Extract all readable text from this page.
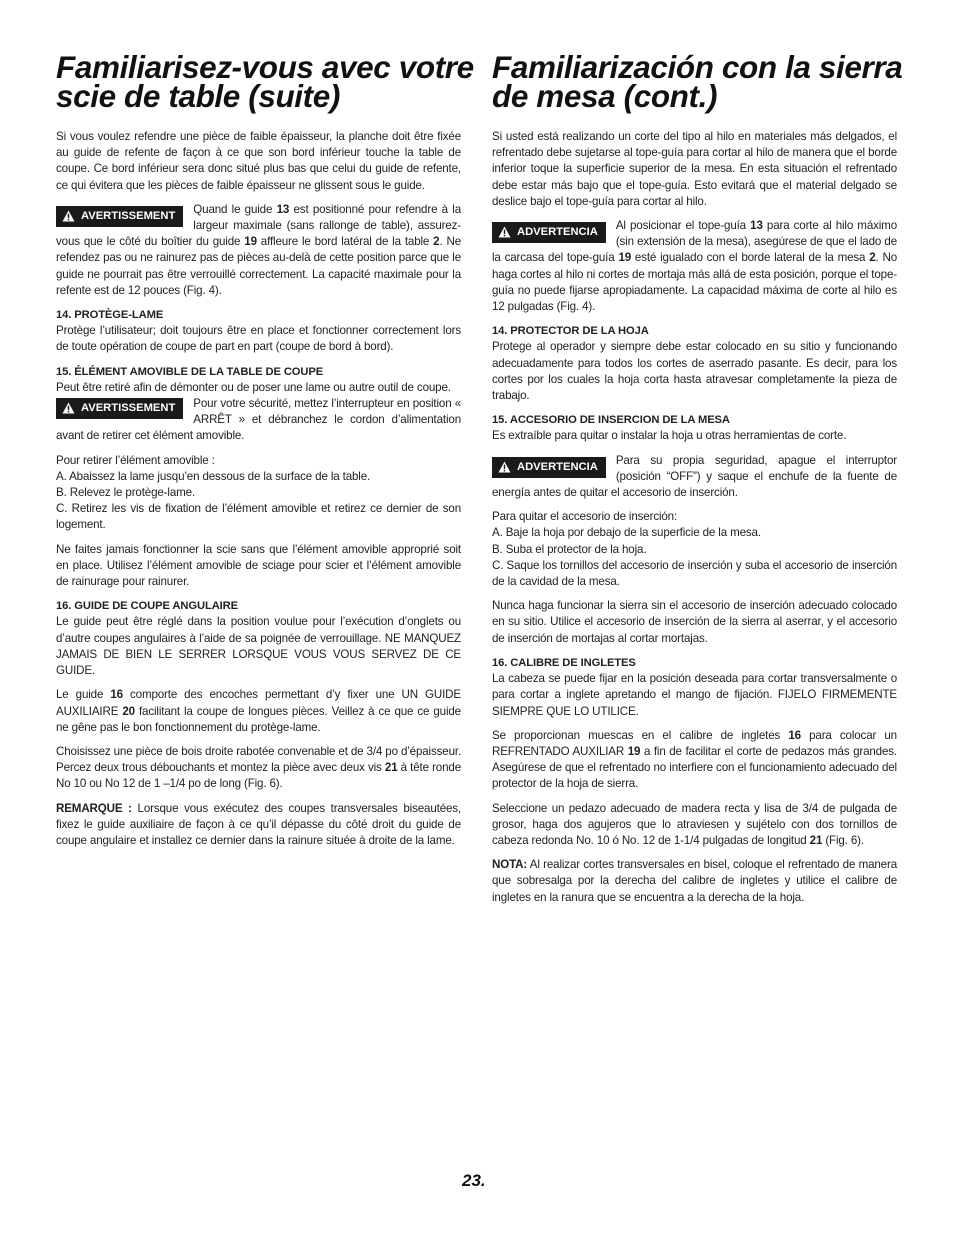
Familiarisez-vous avec votre scie de table (suite)

Si vous voulez refendre une pièce de faible épaisseur, la planche doit être fixée au guide de refente de façon à ce que son bord inférieur touche la table de coupe. Ce bord inférieur sera donc situé plus bas que celui du guide de refente, ce qui évitera que les pièces de faible épaisseur ne glissent sous le guide.

AVERTISSEMENT	Quand le guide 13 est positionné pour refendre à la largeur maximale (sans rallonge de table), assurez-vous que le côté du boîtier du guide 19 affleure le bord latéral de la table 2. Ne refendez pas ou ne rainurez pas de pièces au-delà de cette position parce que le guide ne pourrait pas être verrouillé correctement. La capacité maximale pour la refente est de 12 pouces (Fig. 4).

14. PROTÈGE-LAME

Protège l’utilisateur; doit toujours être en place et fonctionner correctement lors de toute opération de coupe de part en part (coupe de bord à bord).

15. ÉLÉMENT AMOVIBLE DE LA TABLE DE COUPE

Peut être retiré afin de démonter ou de poser une lame ou autre outil de coupe.

AVERTISSEMENT	Pour votre sécurité, mettez l’interrupteur en position « ARRÊT » et débranchez le cordon d’alimentation avant de retirer cet élément amovible.

Pour retirer l’élément amovible :

A. Abaissez la lame jusqu’en dessous de la surface de la table.

B. Relevez le protège-lame.

C. Retirez les vis de fixation de l’élément amovible et retirez ce dernier de son logement.

Ne faites jamais fonctionner la scie sans que l’élément amovible approprié soit en place. Utilisez l’élément amovible de sciage pour scier et l’élément amovible de rainurage pour rainurer.

16. GUIDE DE COUPE ANGULAIRE

Le guide peut être réglé dans la position voulue pour l’exécution d’onglets ou d’autre coupes angulaires à l’aide de sa poignée de verrouillage. NE MANQUEZ JAMAIS DE BIEN LE SERRER LORSQUE VOUS VOUS SERVEZ DE CE GUIDE.

Le guide 16 comporte des encoches permettant d’y fixer une UN GUIDE AUXILIAIRE 20 facilitant la coupe de longues pièces. Veillez à ce que ce guide ne gêne pas le bon fonctionnement du protège-lame.

Choisissez une pièce de bois droite rabotée convenable et de 3/4 po d’épaisseur. Percez deux trous débouchants et montez la pièce avec deux vis 21 à tête ronde No 10 ou No 12 de 1 –1/4 po de long (Fig. 6).

REMARQUE : Lorsque vous exécutez des coupes transversales biseautées, fixez le guide auxiliaire de façon à ce qu’il dépasse du côté droit du guide de coupe angulaire et installez ce dernier dans la rainure située à droite de la lame.

Familiarización con la sierra de mesa (cont.)

Si usted está realizando un corte del tipo al hilo en materiales más delgados, el refrentado debe sujetarse al tope-guía para cortar al hilo de manera que el borde inferior toque la superficie superior de la mesa. En esta situación el refrentado debe estar más bajo que el tope-guía. Esto evitará que el material delgado se deslice bajo el tope-guía para cortar al hilo.

ADVERTENCIA	Al posicionar el tope-guía 13 para corte al hilo máximo (sin extensión de la mesa), asegúrese de que el lado de la carcasa del tope-guía 19 esté igualado con el borde lateral de la mesa 2. No haga cortes al hilo ni cortes de mortaja más allá de esta posición, porque el tope-guía no puede fijarse apropiadamente. La capacidad máxima de corte al hilo es 12 pulgadas (Fig. 4).

14. PROTECTOR DE LA HOJA

Protege al operador y siempre debe estar colocado en su sitio y funcionando adecuadamente para todos los cortes de aserrado pasante. Es decir, para los cortes por los cuales la hoja corta hasta atravesar completamente la pieza de trabajo.

15. ACCESORIO DE INSERCION DE LA MESA

Es extraíble para quitar o instalar la hoja u otras herramientas de corte.

ADVERTENCIA	Para su propia seguridad, apague el interruptor (posición “OFF”) y saque el enchufe de la fuente de energía antes de quitar el accesorio de inserción.

Para quitar el accesorio de inserción:

A. Baje la hoja por debajo de la superficie de la mesa.

B. Suba el protector de la hoja.

C. Saque los tornillos del accesorio de inserción y suba el accesorio de inserción de la cavidad de la mesa.

Nunca haga funcionar la sierra sin el accesorio de inserción adecuado colocado en su sitio. Utilice el accesorio de inserción de la sierra al aserrar, y el accesorio de inserción de mortajas al cortar mortajas.

16. CALIBRE DE INGLETES

La cabeza se puede fijar en la posición deseada para cortar transversalmente o para cortar a inglete apretando el mango de fijación. FIJELO FIRMEMENTE SIEMPRE QUE LO UTILICE.

Se proporcionan muescas en el calibre de ingletes 16 para colocar un REFRENTADO AUXILIAR 19 a fin de facilitar el corte de pedazos más grandes. Asegúrese de que el refrentado no interfiere con el funcionamiento adecuado del protector de la hoja de sierra.

Seleccione un pedazo adecuado de madera recta y lisa de 3/4 de pulgada de grosor, haga dos agujeros que lo atraviesen y sujételo con dos tornillos de cabeza redonda No. 10 ó No. 12 de 1-1/4 pulgadas de longitud 21 (Fig. 6).

NOTA: Al realizar cortes transversales en bisel, coloque el refrentado de manera que sobresalga por la derecha del calibre de ingletes y utilice el calibre de ingletes en la ranura que se encuentra a la derecha de la hoja.

23.
